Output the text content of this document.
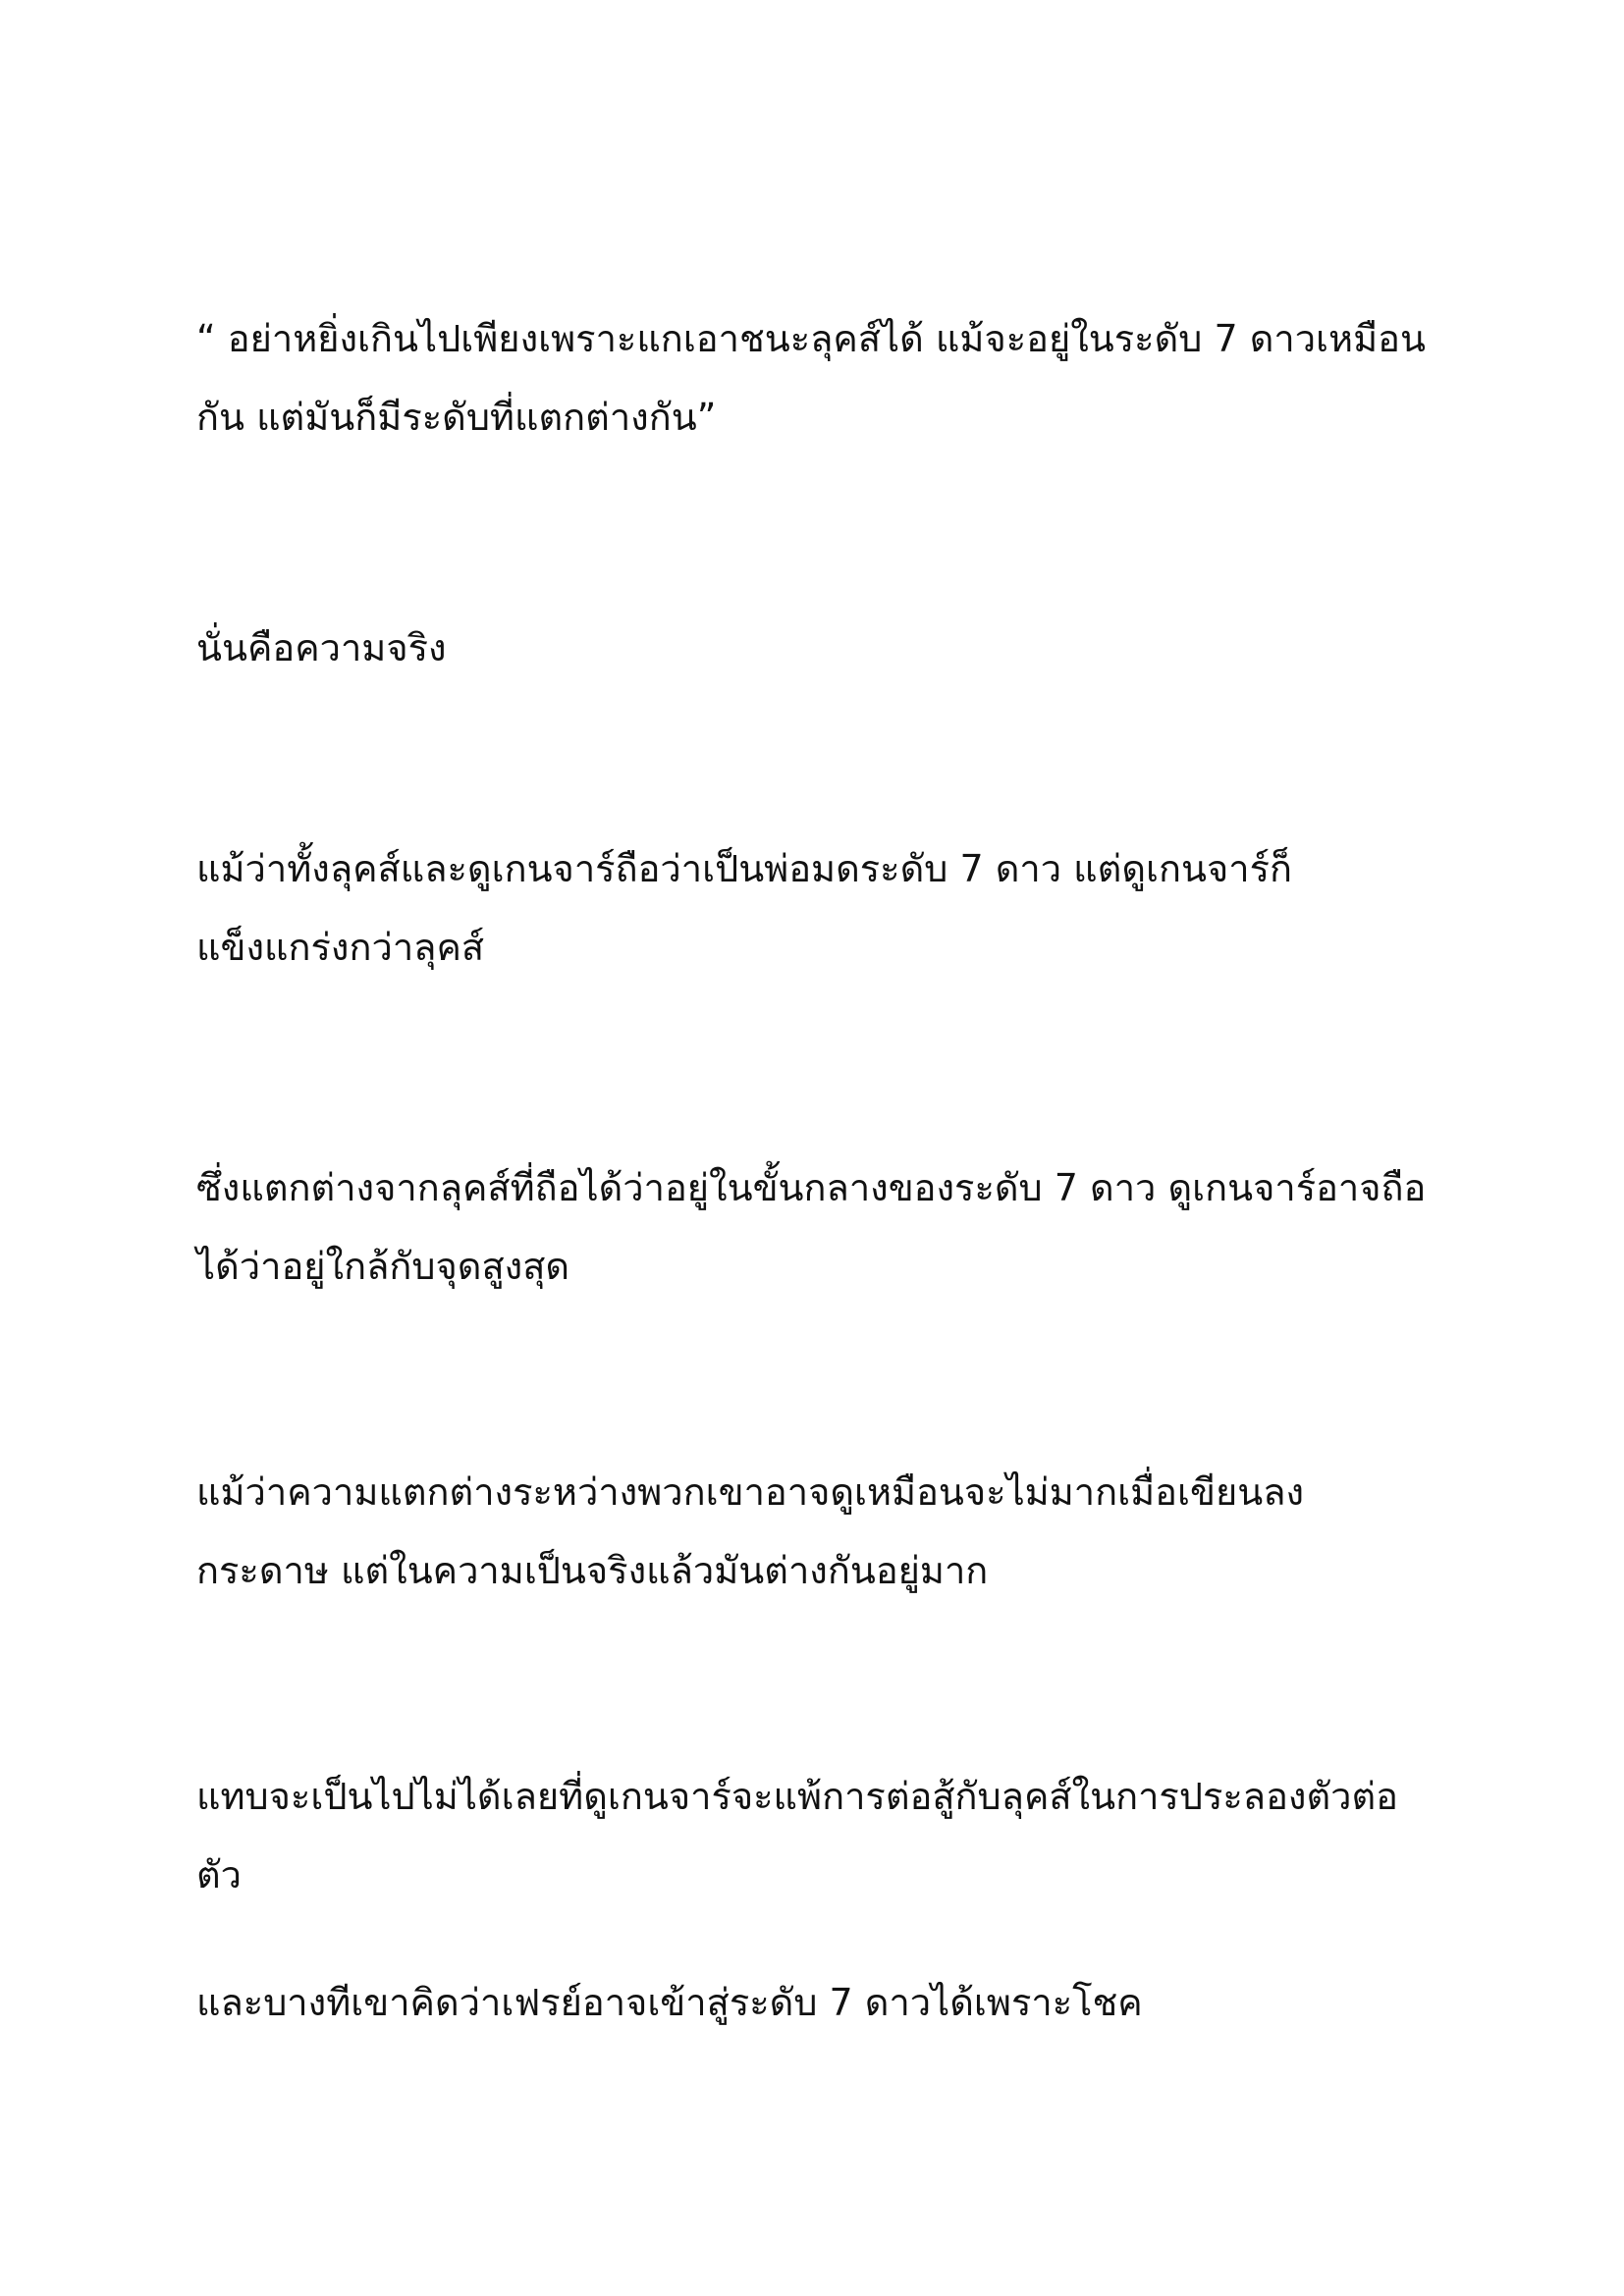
“ อย่าหยิ่งเกินไปเพียงเพราะแกเอาชนะลุคส์ได้ แม้จะอยู่ในระดับ 7 ดาวเหมือนกัน แต่มันก็มีระดับที่แตกต่างกัน”

นั่นคือความจริง

แม้ว่าทั้งลุคส์และดูเกนจาร์ถือว่าเป็นพ่อมดระดับ 7 ดาว แต่ดูเกนจาร์ก็แข็งแกร่งกว่าลุคส์

ซึ่งแตกต่างจากลุคส์ที่ถือได้ว่าอยู่ในขั้นกลางของระดับ 7 ดาว ดูเกนจาร์อาจถือได้ว่าอยู่ใกล้กับจุดสูงสุด

แม้ว่าความแตกต่างระหว่างพวกเขาอาจดูเหมือนจะไม่มากเมื่อเขียนลงกระดาษ แต่ในความเป็นจริงแล้วมันต่างกันอยู่มาก

แทบจะเป็นไปไม่ได้เลยที่ดูเกนจาร์จะแพ้การต่อสู้กับลุคส์ในการประลองตัวต่อตัว

และบางทีเขาคิดว่าเฟรย์อาจเข้าสู่ระดับ 7 ดาวได้เพราะโชค
